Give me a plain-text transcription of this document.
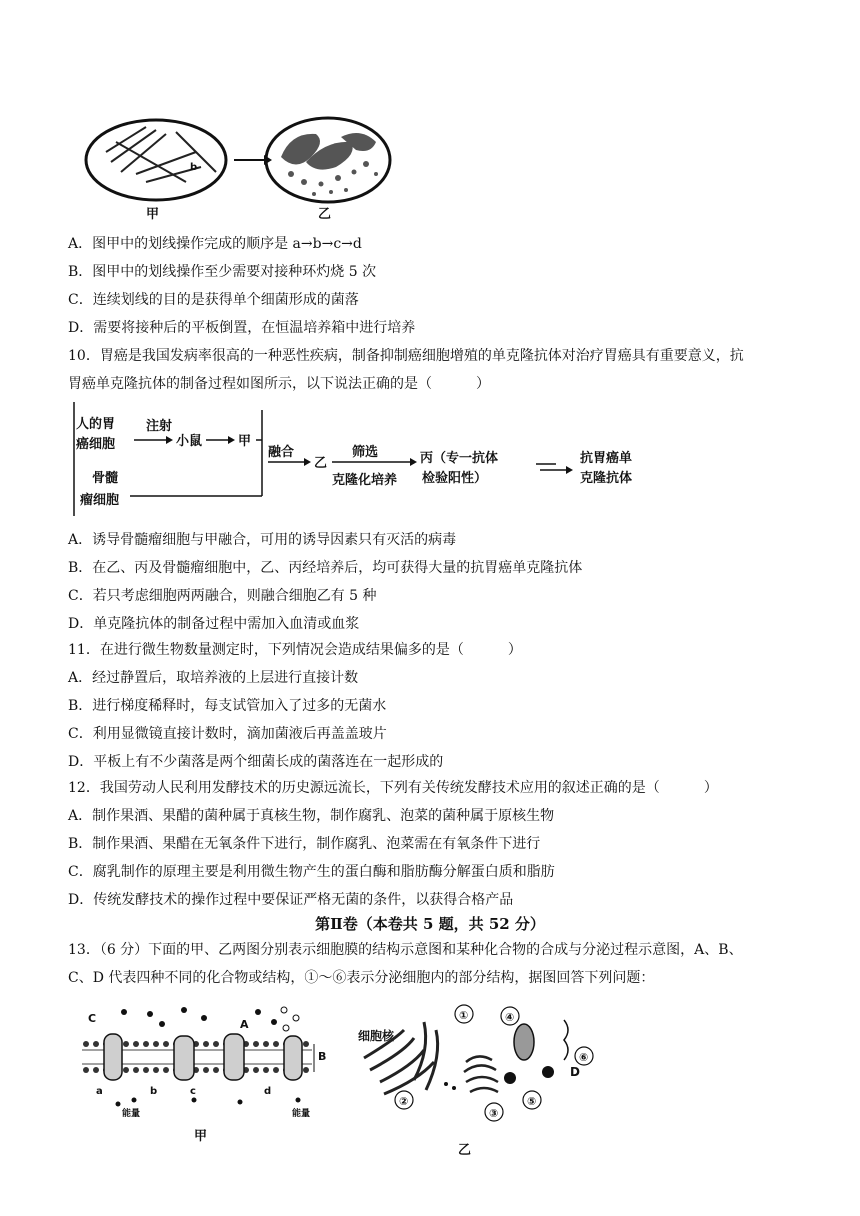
b
甲	乙
A．图甲中的划线操作完成的顺序是 a→b→c→d
B．图甲中的划线操作至少需要对接种环灼烧 5 次
C．连续划线的目的是获得单个细菌形成的菌落
D．需要将接种后的平板倒置，在恒温培养箱中进行培养
10．胃癌是我国发病率很高的一种恶性疾病，制备抑制癌细胞增殖的单克隆抗体对治疗胃癌具有重要意义，抗
胃癌单克隆抗体的制备过程如图所示，以下说法正确的是（	）
人的胃
癌细胞
注射
小鼠	甲
骨髓
瘤细胞
融合
乙
筛选
克隆化培养
丙（专一抗体
检验阳性）
抗胃癌单
克隆抗体
A．诱导骨髓瘤细胞与甲融合，可用的诱导因素只有灭活的病毒
B．在乙、丙及骨髓瘤细胞中，乙、丙经培养后，均可获得大量的抗胃癌单克隆抗体
C．若只考虑细胞两两融合，则融合细胞乙有 5 种
D．单克隆抗体的制备过程中需加入血清或血浆
11．在进行微生物数量测定时，下列情况会造成结果偏多的是（	）
A．经过静置后，取培养液的上层进行直接计数
B．进行梯度稀释时，每支试管加入了过多的无菌水
C．利用显微镜直接计数时，滴加菌液后再盖盖玻片
D．平板上有不少菌落是两个细菌长成的菌落连在一起形成的
12．我国劳动人民利用发酵技术的历史源远流长，下列有关传统发酵技术应用的叙述正确的是（	）
A．制作果酒、果醋的菌种属于真核生物，制作腐乳、泡菜的菌种属于原核生物
B．制作果酒、果醋在无氧条件下进行，制作腐乳、泡菜需在有氧条件下进行
C．腐乳制作的原理主要是利用微生物产生的蛋白酶和脂肪酶分解蛋白质和脂肪
D．传统发酵技术的操作过程中要保证严格无菌的条件，以获得合格产品
第Ⅱ卷（本卷共 5 题，共 52 分）
13．（6 分）下面的甲、乙两图分别表示细胞膜的结构示意图和某种化合物的合成与分泌过程示意图，A、B、
C、D 代表四种不同的化合物或结构，①～⑥表示分泌细胞内的部分结构，据图回答下列问题：
C	A
B
a	b	c	d
能量	能量
甲
细胞核
④
①
②
③
⑤
⑥
D
乙
